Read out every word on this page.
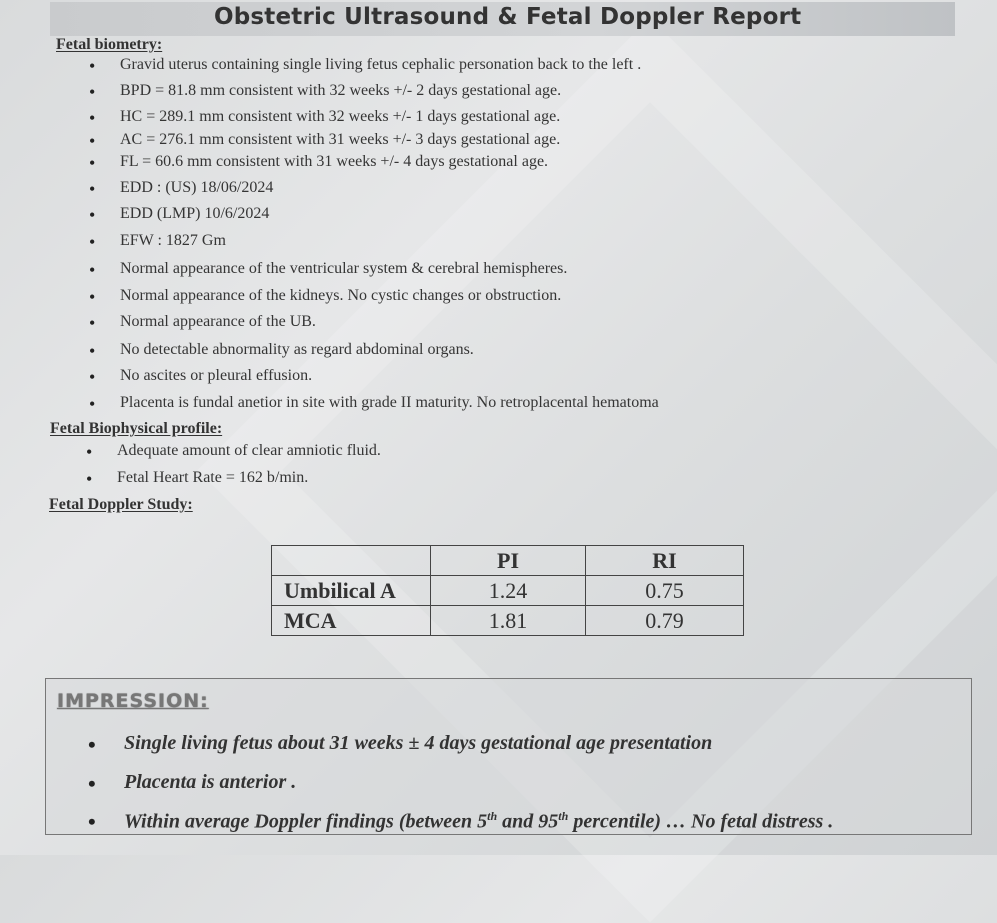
Obstetric Ultrasound & Fetal Doppler Report
Fetal biometry:
• Gravid uterus containing single living fetus cephalic personation back to the left .
• BPD = 81.8 mm consistent with 32 weeks +/- 2 days gestational age.
• HC = 289.1 mm consistent with 32 weeks +/- 1 days gestational age.
• AC = 276.1 mm consistent with 31 weeks +/- 3 days gestational age.
• FL = 60.6 mm consistent with 31 weeks +/- 4 days gestational age.
• EDD : (US) 18/06/2024
• EDD (LMP) 10/6/2024
• EFW : 1827 Gm
• Normal appearance of the ventricular system & cerebral hemispheres.
• Normal appearance of the kidneys. No cystic changes or obstruction.
• Normal appearance of the UB.
• No detectable abnormality as regard abdominal organs.
• No ascites or pleural effusion.
• Placenta is fundal anetior in site with grade II maturity. No retroplacental hematoma
Fetal Biophysical profile:
• Adequate amount of clear amniotic fluid.
• Fetal Heart Rate = 162 b/min.
Fetal Doppler Study:
	PI	RI
Umbilical A	1.24	0.75
MCA	1.81	0.79
IMPRESSION:
• Single living fetus about 31 weeks ± 4 days gestational age presentation
• Placenta is anterior .
• Within average Doppler findings (between 5th and 95th percentile) … No fetal distress .
